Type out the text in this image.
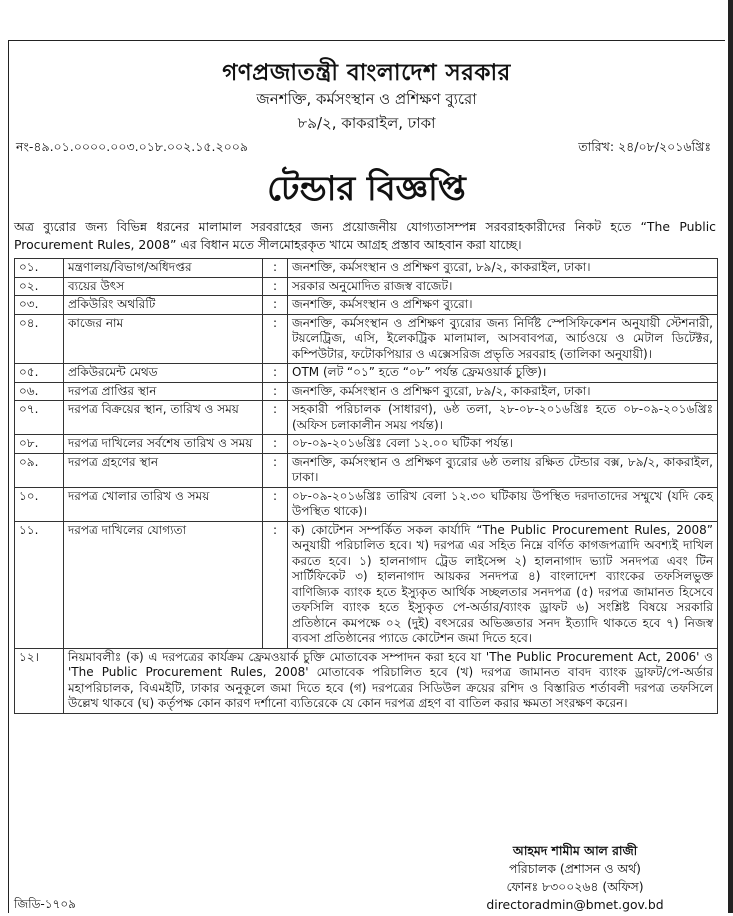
গণপ্রজাতন্ত্রী বাংলাদেশ সরকার
জনশক্তি, কর্মসংস্থান ও প্রশিক্ষণ ব্যুরো
৮৯/২, কাকরাইল, ঢাকা
নং-৪৯.০১.০০০০.০০৩.০১৮.০০২.১৫.২০০৯	তারিখ: ২৪/০৮/২০১৬খ্রিঃ
টেন্ডার বিজ্ঞপ্তি
অত্র ব্যুরোর জন্য বিভিন্ন ধরনের মালামাল সরবরাহের জন্য প্রয়োজনীয় যোগ্যতাসম্পন্ন সরবরাহকারীদের নিকট হতে “The Public Procurement Rules, 2008” এর বিধান মতে সীলমোহরকৃত খামে আগ্রহ প্রস্তাব আহবান করা যাচ্ছে।
০১.	মন্ত্রণালয়/বিভাগ/অধিদপ্তর	:	জনশক্তি, কর্মসংস্থান ও প্রশিক্ষণ ব্যুরো, ৮৯/২, কাকরাইল, ঢাকা।
০২.	ব্যয়ের উৎস	:	সরকার অনুমোদিত রাজস্ব বাজেট।
০৩.	প্রকিউরিং অথরিটি	:	জনশক্তি, কর্মসংস্থান ও প্রশিক্ষণ ব্যুরো।
০৪.	কাজের নাম	:	জনশক্তি, কর্মসংস্থান ও প্রশিক্ষণ ব্যুরোর জন্য নির্দিষ্ট স্পেসিফিকেশন অনুযায়ী স্টেশনারী, টয়লেট্রিজ, এসি, ইলেকট্রিক মালামাল, আসবাবপত্র, আর্চওয়ে ও মেটাল ডিটেক্টর, কম্পিউটার, ফটোকপিয়ার ও এক্সেসরিজ প্রভৃতি সরবরাহ (তালিকা অনুযায়ী)।
০৫.	প্রকিউরমেন্ট মেথড	:	OTM (লট “০১” হতে “০৮” পর্যন্ত ফ্রেমওয়ার্ক চুক্তি)।
০৬.	দরপত্র প্রাপ্তির স্থান	:	জনশক্তি, কর্মসংস্থান ও প্রশিক্ষণ ব্যুরো, ৮৯/২, কাকরাইল, ঢাকা।
০৭.	দরপত্র বিক্রয়ের স্থান, তারিখ ও সময়	:	সহকারী পরিচালক (সাধারণ), ৬ষ্ঠ তলা, ২৮-০৮-২০১৬খ্রিঃ হতে ০৮-০৯-২০১৬খ্রিঃ (অফিস চলাকালীন সময় পর্যন্ত)।
০৮.	দরপত্র দাখিলের সর্বশেষ তারিখ ও সময়	:	০৮-০৯-২০১৬খ্রিঃ বেলা ১২.০০ ঘটিকা পর্যন্ত।
০৯.	দরপত্র গ্রহণের স্থান	:	জনশক্তি, কর্মসংস্থান ও প্রশিক্ষণ ব্যুরোর ৬ষ্ঠ তলায় রক্ষিত টেন্ডার বক্স, ৮৯/২, কাকরাইল, ঢাকা।
১০.	দরপত্র খোলার তারিখ ও সময়	:	০৮-০৯-২০১৬খ্রিঃ তারিখ বেলা ১২.৩০ ঘটিকায় উপস্থিত দরদাতাদের সম্মুখে (যদি কেহ উপস্থিত থাকে)।
১১.	দরপত্র দাখিলের যোগ্যতা	:	ক) কোটেশন সম্পর্কিত সকল কার্যাদি “The Public Procurement Rules, 2008” অনুযায়ী পরিচালিত হবে। খ) দরপত্র এর সহিত নিম্নে বর্ণিত কাগজপত্রাদি অবশ্যই দাখিল করতে হবে। ১) হালনাগাদ ট্রেড লাইসেন্স ২) হালনাগাদ ভ্যাট সনদপত্র এবং টিন সার্টিফিকেট ৩) হালনাগাদ আয়কর সনদপত্র ৪) বাংলাদেশ ব্যাংকের তফসিলভুক্ত বাণিজ্যিক ব্যাংক হতে ইস্যুকৃত আর্থিক সচ্ছলতার সনদপত্র (৫) দরপত্র জামানত হিসেবে তফসিলি ব্যাংক হতে ইস্যুকৃত পে-অর্ডার/ব্যাংক ড্রাফট ৬) সংশ্লিষ্ট বিষয়ে সরকারি প্রতিষ্ঠানে কমপক্ষে ০২ (দুই) বৎসরের অভিজ্ঞতার সনদ ইত্যাদি থাকতে হবে ৭) নিজস্ব ব্যবসা প্রতিষ্ঠানের প্যাডে কোটেশন জমা দিতে হবে।
১২।	নিয়মাবলীঃ (ক) এ দরপত্রের কার্যক্রম ফ্রেমওয়ার্ক চুক্তি মোতাবেক সম্পাদন করা হবে যা 'The Public Procurement Act, 2006' ও 'The Public Procurement Rules, 2008' মোতাবেক পরিচালিত হবে (খ) দরপত্র জামানত বাবদ ব্যাংক ড্রাফট/পে-অর্ডার মহাপরিচালক, বিএমইটি, ঢাকার অনুকূলে জমা দিতে হবে (গ) দরপত্রের সিডিউল ক্রয়ের রশিদ ও বিস্তারিত শর্তাবলী দরপত্র তফসিলে উল্লেখ থাকবে (ঘ) কর্তৃপক্ষ কোন কারণ দর্শানো ব্যতিরেকে যে কোন দরপত্র গ্রহণ বা বাতিল করার ক্ষমতা সংরক্ষণ করেন।		
আহমদ শামীম আল রাজী
পরিচালক (প্রশাসন ও অর্থ)
ফোনঃ ৮৩০০২৬৪ (অফিস)
directoradmin@bmet.gov.bd
জিডি-১৭০৯
